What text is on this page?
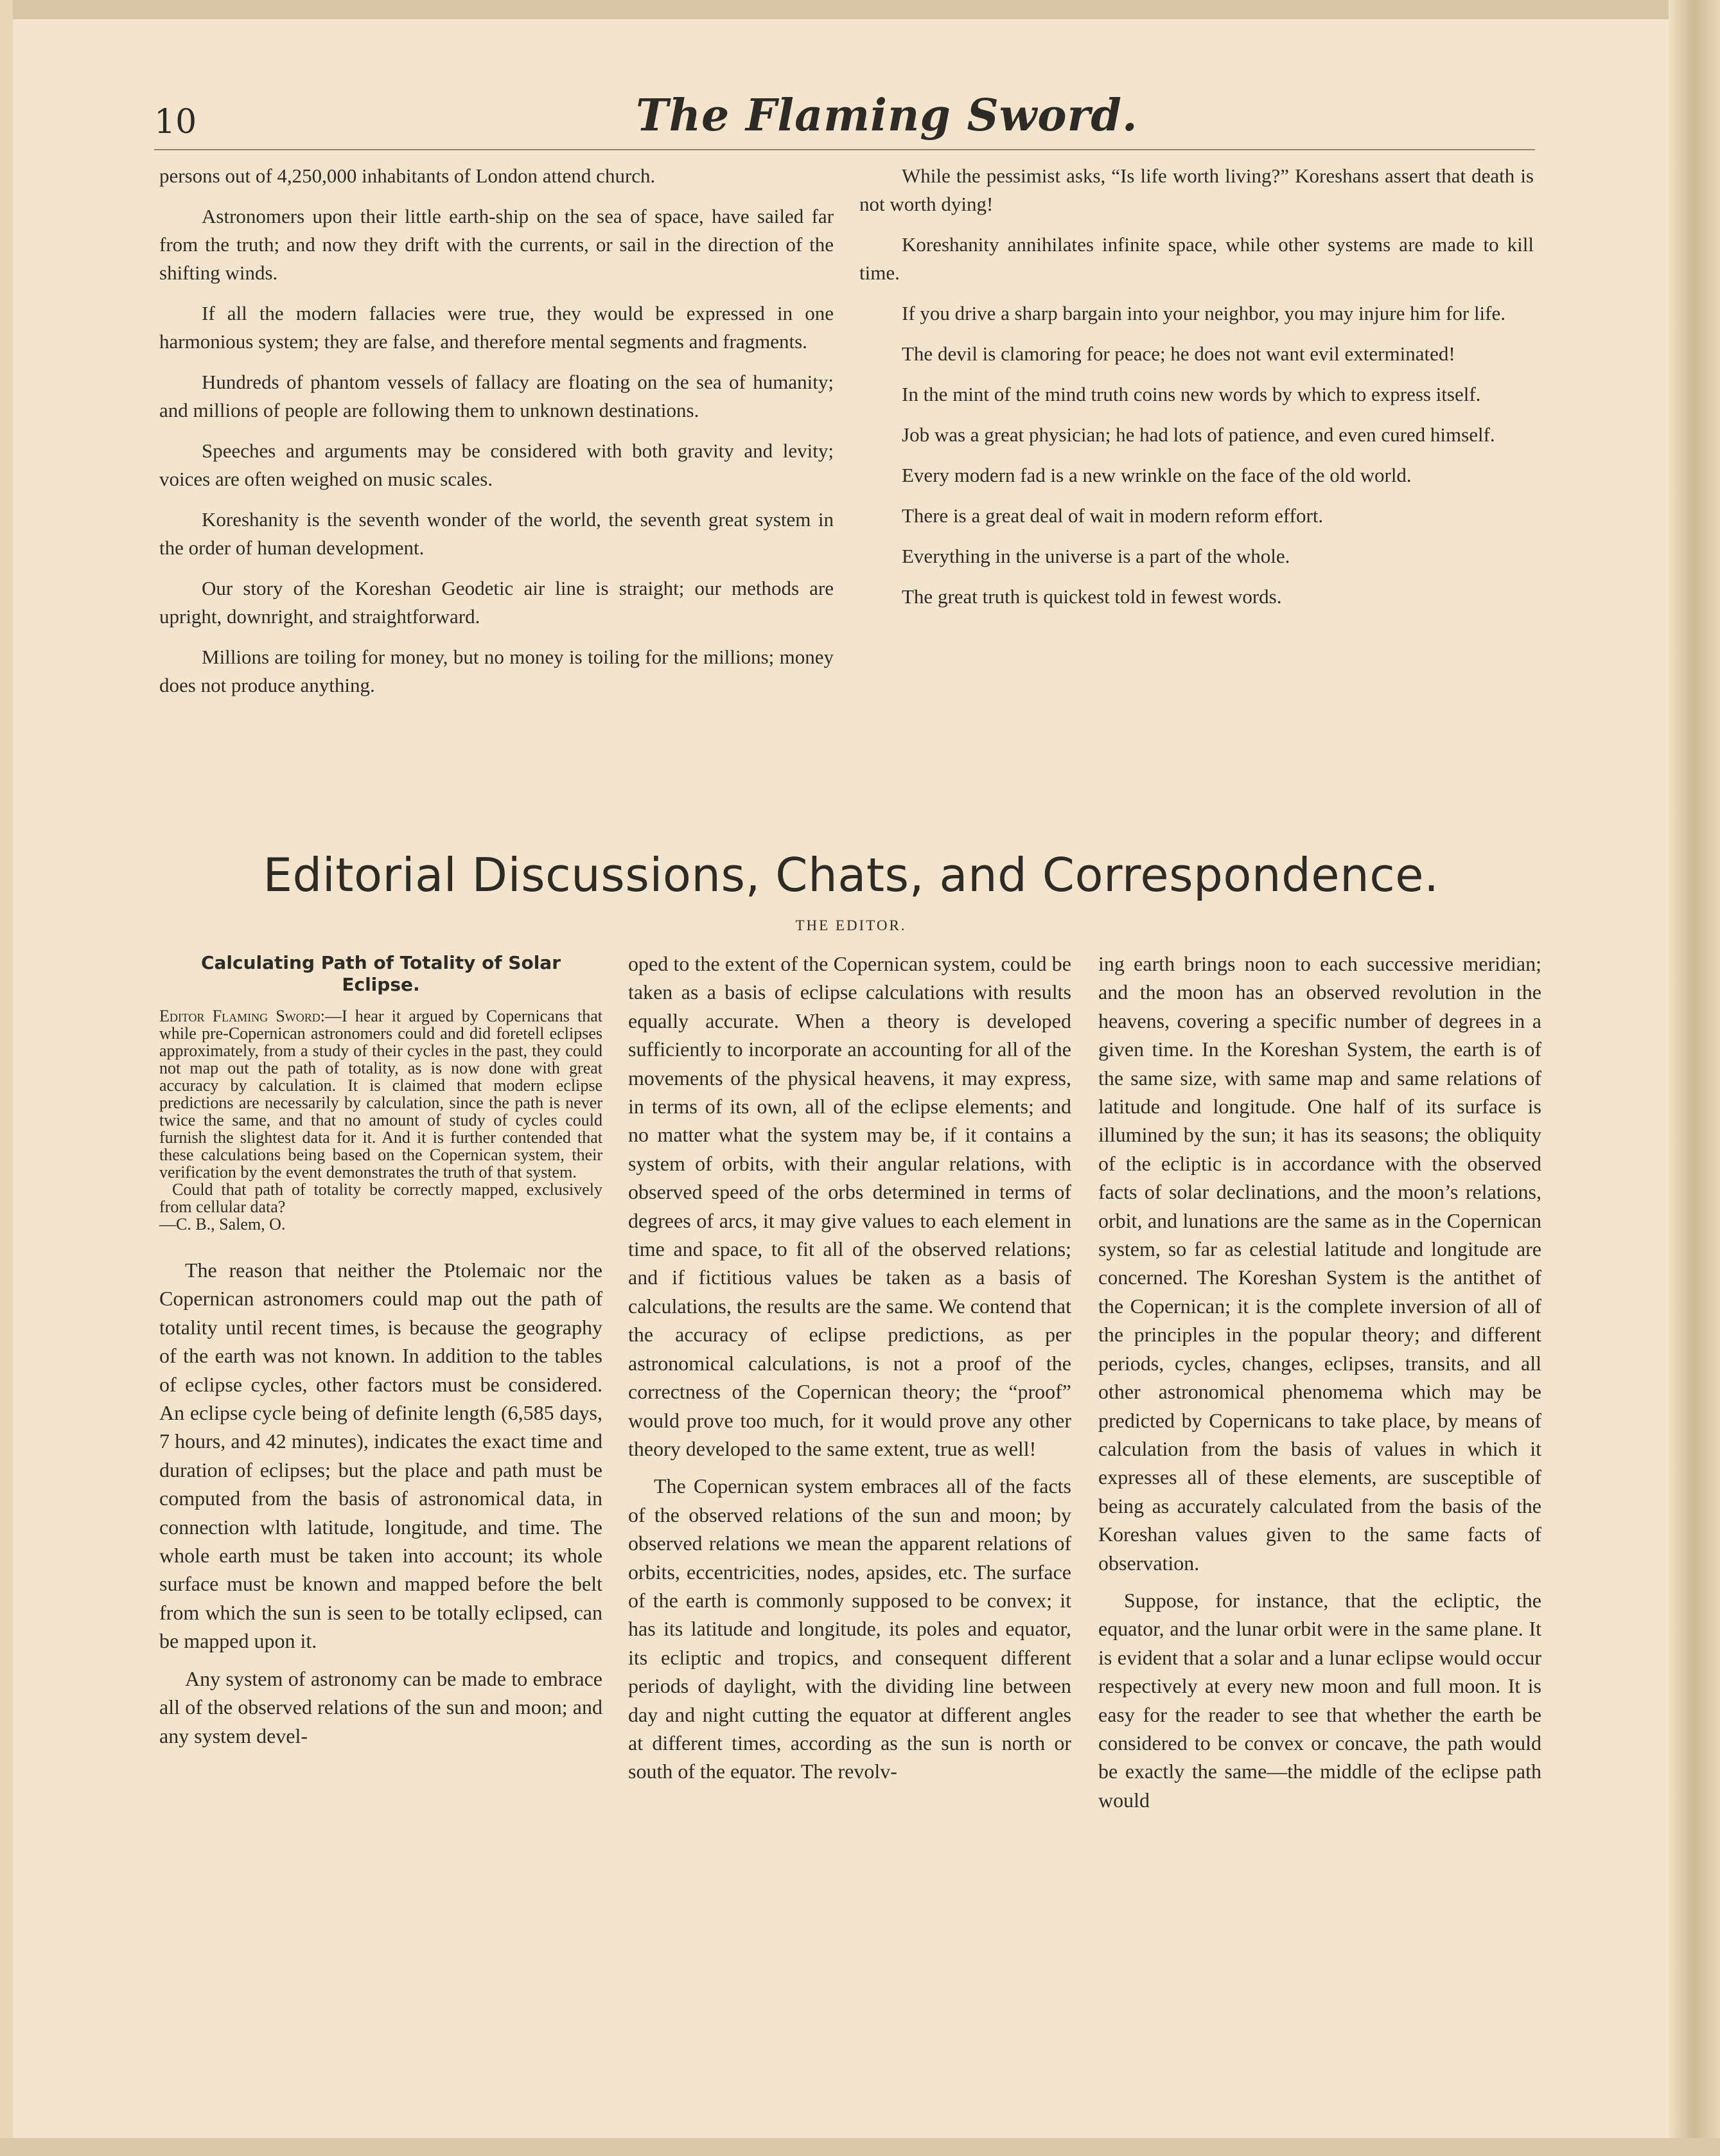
10	The Flaming Sword.

persons out of 4,250,000 inhabitants of London attend church.

Astronomers upon their little earth-ship on the sea of space, have sailed far from the truth; and now they drift with the currents, or sail in the direction of the shifting winds.

If all the modern fallacies were true, they would be expressed in one harmonious system; they are false, and therefore mental segments and fragments.

Hundreds of phantom vessels of fallacy are floating on the sea of humanity; and millions of people are following them to unknown destinations.

Speeches and arguments may be considered with both gravity and levity; voices are often weighed on music scales.

Koreshanity is the seventh wonder of the world, the seventh great system in the order of human development.

Our story of the Koreshan Geodetic air line is straight; our methods are upright, downright, and straightforward.

Millions are toiling for money, but no money is toiling for the millions; money does not produce anything.

While the pessimist asks, “Is life worth living?” Koreshans assert that death is not worth dying!

Koreshanity annihilates infinite space, while other systems are made to kill time.

If you drive a sharp bargain into your neighbor, you may injure him for life.

The devil is clamoring for peace; he does not want evil exterminated!

In the mint of the mind truth coins new words by which to express itself.

Job was a great physician; he had lots of patience, and even cured himself.

Every modern fad is a new wrinkle on the face of the old world.

There is a great deal of wait in modern reform effort.

Everything in the universe is a part of the whole.

The great truth is quickest told in fewest words.

Editorial Discussions, Chats, and Correspondence.
THE EDITOR.
Calculating Path of Totality of Solar Eclipse.
Editor Flaming Sword:—I hear it argued by Copernicans that while pre-Copernican astronomers could and did foretell eclipses approximately, from a study of their cycles in the past, they could not map out the path of totality, as is now done with great accuracy by calculation. It is claimed that modern eclipse predictions are necessarily by calculation, since the path is never twice the same, and that no amount of study of cycles could furnish the slightest data for it. And it is further contended that these calculations being based on the Copernican system, their verification by the event demonstrates the truth of that system.
Could that path of totality be correctly mapped, exclusively from cellular data?
—C. B., Salem, O.

The reason that neither the Ptolemaic nor the Copernican astronomers could map out the path of totality until recent times, is because the geography of the earth was not known. In addition to the tables of eclipse cycles, other factors must be considered. An eclipse cycle being of definite length (6,585 days, 7 hours, and 42 minutes), indicates the exact time and duration of eclipses; but the place and path must be computed from the basis of astronomical data, in connection wlth latitude, longitude, and time. The whole earth must be taken into account; its whole surface must be known and mapped before the belt from which the sun is seen to be totally eclipsed, can be mapped upon it.

Any system of astronomy can be made to embrace all of the observed relations of the sun and moon; and any system devel-

oped to the extent of the Copernican system, could be taken as a basis of eclipse calculations with results equally accurate. When a theory is developed sufficiently to incorporate an accounting for all of the movements of the physical heavens, it may express, in terms of its own, all of the eclipse elements; and no matter what the system may be, if it contains a system of orbits, with their angular relations, with observed speed of the orbs determined in terms of degrees of arcs, it may give values to each element in time and space, to fit all of the observed relations; and if fictitious values be taken as a basis of calculations, the results are the same. We contend that the accuracy of eclipse predictions, as per astronomical calculations, is not a proof of the correctness of the Copernican theory; the “proof” would prove too much, for it would prove any other theory developed to the same extent, true as well!

The Copernican system embraces all of the facts of the observed relations of the sun and moon; by observed relations we mean the apparent relations of orbits, eccentricities, nodes, apsides, etc. The surface of the earth is commonly supposed to be convex; it has its latitude and longitude, its poles and equator, its ecliptic and tropics, and consequent different periods of daylight, with the dividing line between day and night cutting the equator at different angles at different times, according as the sun is north or south of the equator. The revolv-

ing earth brings noon to each successive meridian; and the moon has an observed revolution in the heavens, covering a specific number of degrees in a given time. In the Koreshan System, the earth is of the same size, with same map and same relations of latitude and longitude. One half of its surface is illumined by the sun; it has its seasons; the obliquity of the ecliptic is in accordance with the observed facts of solar declinations, and the moon’s relations, orbit, and lunations are the same as in the Copernican system, so far as celestial latitude and longitude are concerned. The Koreshan System is the antithet of the Copernican; it is the complete inversion of all of the principles in the popular theory; and different periods, cycles, changes, eclipses, transits, and all other astronomical phenomema which may be predicted by Copernicans to take place, by means of calculation from the basis of values in which it expresses all of these elements, are susceptible of being as accurately calculated from the basis of the Koreshan values given to the same facts of observation.

Suppose, for instance, that the ecliptic, the equator, and the lunar orbit were in the same plane. It is evident that a solar and a lunar eclipse would occur respectively at every new moon and full moon. It is easy for the reader to see that whether the earth be considered to be convex or concave, the path would be exactly the same—the middle of the eclipse path would
